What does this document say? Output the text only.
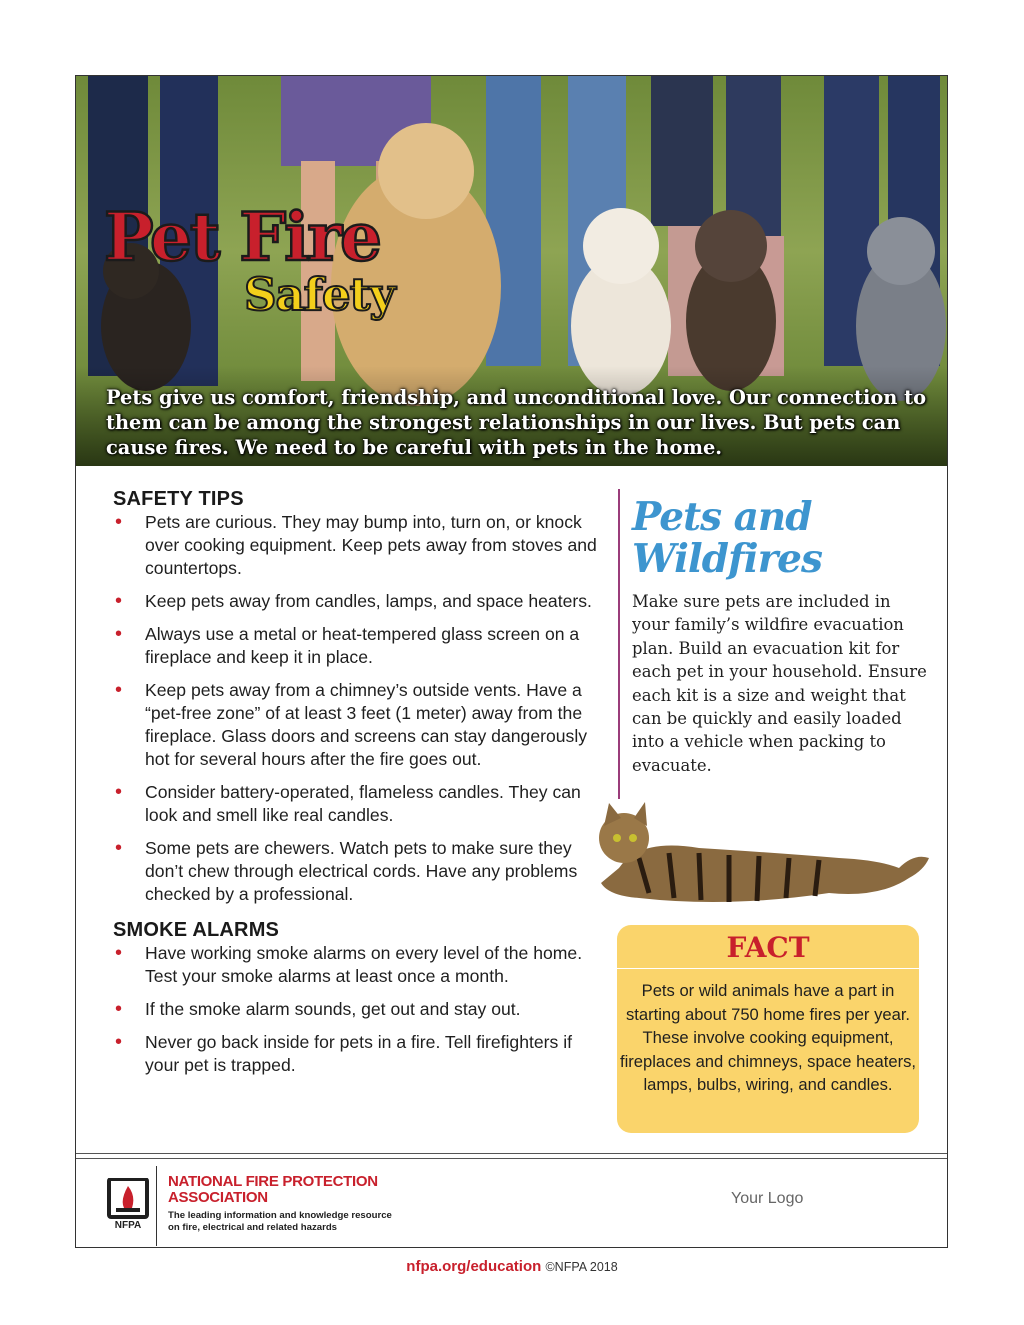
Pet Fire
Safety
Pets give us comfort, friendship, and unconditional love. Our connection to them can be among the strongest relationships in our lives. But pets can cause fires. We need to be careful with pets in the home.
SAFETY TIPS
• Pets are curious. They may bump into, turn on, or knock over cooking equipment. Keep pets away from stoves and countertops.
• Keep pets away from candles, lamps, and space heaters.
• Always use a metal or heat-tempered glass screen on a fireplace and keep it in place.
• Keep pets away from a chimney’s outside vents. Have a “pet-free zone” of at least 3 feet (1 meter) away from the fireplace. Glass doors and screens can stay dangerously hot for several hours after the fire goes out.
• Consider battery-operated, flameless candles. They can look and smell like real candles.
• Some pets are chewers. Watch pets to make sure they don’t chew through electrical cords. Have any problems checked by a professional.
SMOKE ALARMS
• Have working smoke alarms on every level of the home. Test your smoke alarms at least once a month.
• If the smoke alarm sounds, get out and stay out.
• Never go back inside for pets in a fire. Tell firefighters if your pet is trapped.
Pets and Wildfires
Make sure pets are included in your family’s wildfire evacuation plan. Build an evacuation kit for each pet in your household. Ensure each kit is a size and weight that can be quickly and easily loaded into a vehicle when packing to evacuate.
FACT
Pets or wild animals have a part in starting about 750 home fires per year. These involve cooking equipment, fireplaces and chimneys, space heaters, lamps, bulbs, wiring, and candles.
NFPA
NATIONAL FIRE PROTECTION ASSOCIATION
The leading information and knowledge resource on fire, electrical and related hazards
Your Logo
nfpa.org/education ©NFPA 2018
